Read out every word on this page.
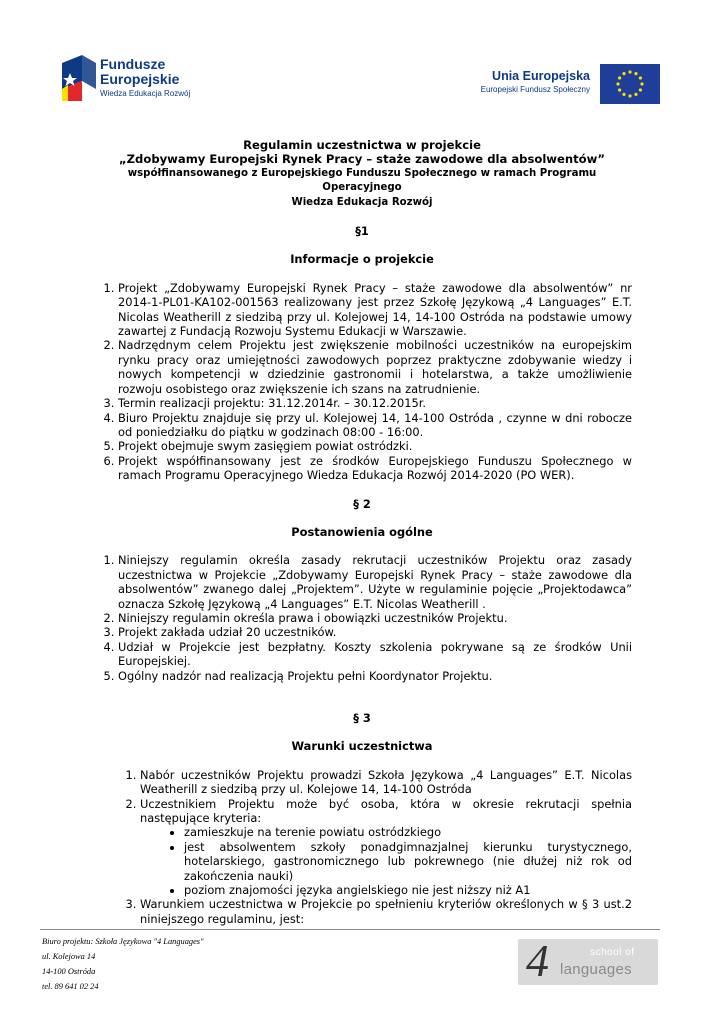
Fundusze
Europejskie
Wiedza Edukacja Rozwój
Unia Europejska
Europejski Fundusz Społeczny
Regulamin uczestnictwa w projekcie
„Zdobywamy Europejski Rynek Pracy – staże zawodowe dla absolwentów”
współfinansowanego z Europejskiego Funduszu Społecznego w ramach Programu Operacyjnego
Wiedza Edukacja Rozwój
§1
Informacje o projekcie
1. Projekt „Zdobywamy Europejski Rynek Pracy – staże zawodowe dla absolwentów” nr 2014-1-PL01-KA102-001563 realizowany jest przez Szkołę Językową „4 Languages” E.T. Nicolas Weatherill z siedzibą przy ul. Kolejowej 14, 14-100 Ostróda na podstawie umowy zawartej z Fundacją Rozwoju Systemu Edukacji w Warszawie.
2. Nadrzędnym celem Projektu jest zwiększenie mobilności uczestników na europejskim rynku pracy oraz umiejętności zawodowych poprzez praktyczne zdobywanie wiedzy i nowych kompetencji w dziedzinie gastronomii i hotelarstwa, a także umożliwienie rozwoju osobistego oraz zwiększenie ich szans na zatrudnienie.
3. Termin realizacji projektu: 31.12.2014r. – 30.12.2015r.
4. Biuro Projektu znajduje się przy ul. Kolejowej 14, 14-100 Ostróda , czynne w dni robocze od poniedziałku do piątku w godzinach 08:00 - 16:00.
5. Projekt obejmuje swym zasięgiem powiat ostródzki.
6. Projekt współfinansowany jest ze środków Europejskiego Funduszu Społecznego w ramach Programu Operacyjnego Wiedza Edukacja Rozwój 2014-2020 (PO WER).
§ 2
Postanowienia ogólne
1. Niniejszy regulamin określa zasady rekrutacji uczestników Projektu oraz zasady uczestnictwa w Projekcie „Zdobywamy Europejski Rynek Pracy – staże zawodowe dla absolwentów” zwanego dalej „Projektem”. Użyte w regulaminie pojęcie „Projektodawca” oznacza Szkołę Językową „4 Languages” E.T. Nicolas Weatherill .
2. Niniejszy regulamin określa prawa i obowiązki uczestników Projektu.
3. Projekt zakłada udział 20 uczestników.
4. Udział w Projekcie jest bezpłatny. Koszty szkolenia pokrywane są ze środków Unii Europejskiej.
5. Ogólny nadzór nad realizacją Projektu pełni Koordynator Projektu.
§ 3
Warunki uczestnictwa
1. Nabór uczestników Projektu prowadzi Szkoła Językowa „4 Languages” E.T. Nicolas Weatherill z siedzibą przy ul. Kolejowe 14, 14-100 Ostróda
2. Uczestnikiem Projektu może być osoba, która w okresie rekrutacji spełnia następujące kryteria:
• zamieszkuje na terenie powiatu ostródzkiego
• jest absolwentem szkoły ponadgimnazjalnej kierunku turystycznego, hotelarskiego, gastronomicznego lub pokrewnego (nie dłużej niż rok od zakończenia nauki)
• poziom znajomości języka angielskiego nie jest niższy niż A1
3. Warunkiem uczestnictwa w Projekcie po spełnieniu kryteriów określonych w § 3 ust.2 niniejszego regulaminu, jest:
Biuro projektu: Szkoła Językowa "4 Languages"
ul. Kolejowa 14
14-100 Ostróda
tel. 89 641 02 24
4	school of
languages
